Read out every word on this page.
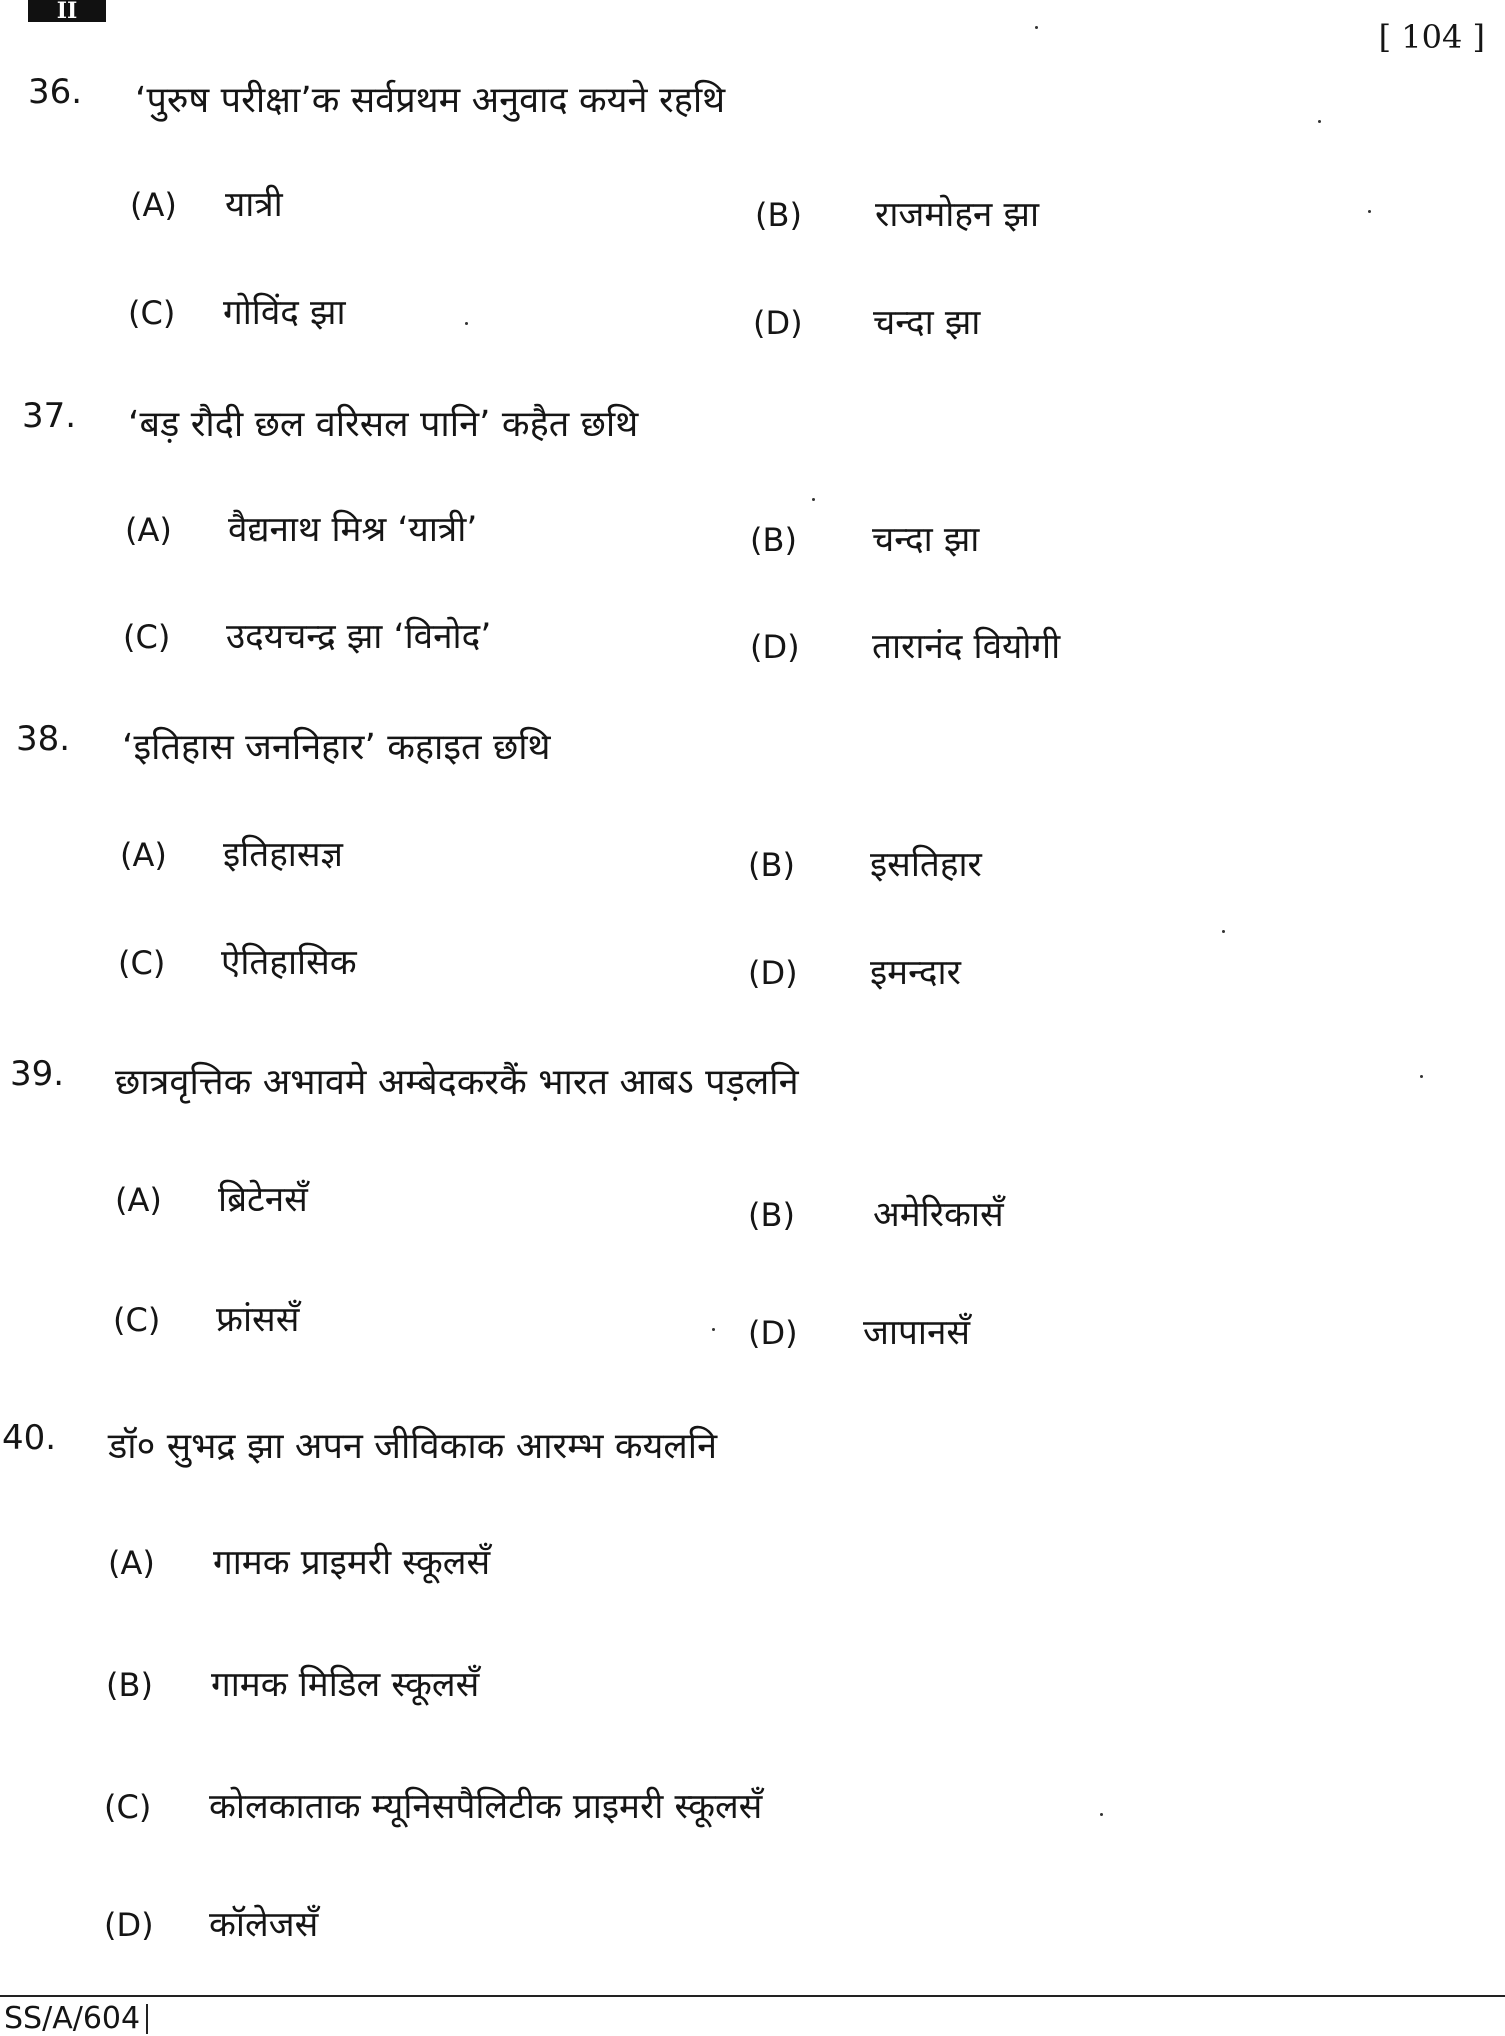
II
[ 104 ]
36. ‘पुरुष परीक्षा’क सर्वप्रथम अनुवाद कयने रहथि
(A) यात्री	(B) राजमोहन झा
(C) गोविंद झा	(D) चन्दा झा
37. ‘बड़ रौदी छल वरिसल पानि’ कहैत छथि
(A) वैद्यनाथ मिश्र ‘यात्री’	(B) चन्दा झा
(C) उदयचन्द्र झा ‘विनोद’	(D) तारानंद वियोगी
38. ‘इतिहास जननिहार’ कहाइत छथि
(A) इतिहासज्ञ	(B) इसतिहार
(C) ऐतिहासिक	(D) इमन्दार
39. छात्रवृत्तिक अभावमे अम्बेदकरकैं भारत आबऽ पड़लनि
(A) ब्रिटेनसँ	(B) अमेरिकासँ
(C) फ्रांससँ	(D) जापानसँ
40. डॉ० सुभद्र झा अपन जीविकाक आरम्भ कयलनि
(A) गामक प्राइमरी स्कूलसँ
(B) गामक मिडिल स्कूलसँ
(C) कोलकाताक म्यूनिसपैलिटीक प्राइमरी स्कूलसँ
(D) कॉलेजसँ
SS/A/604
